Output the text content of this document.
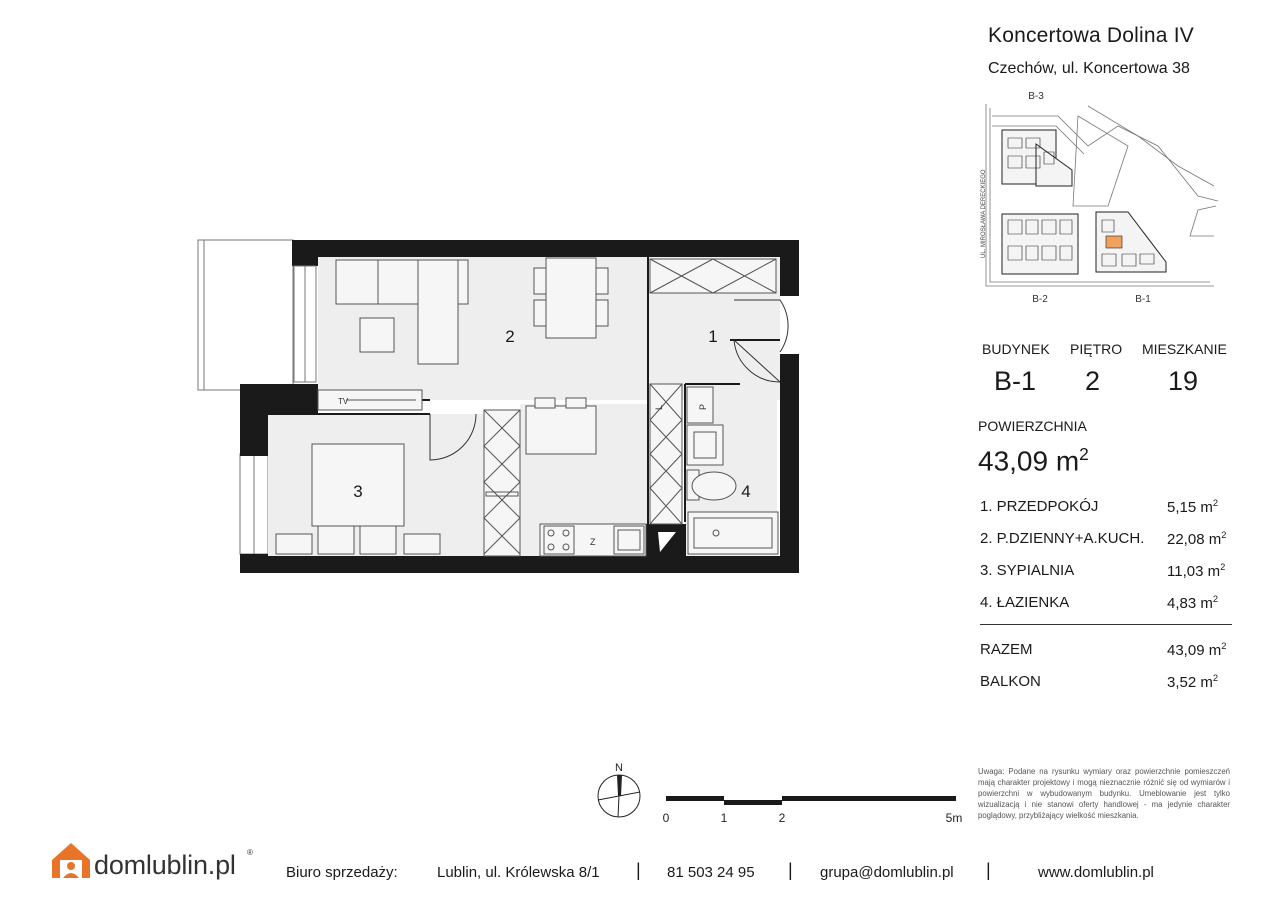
Koncertowa Dolina IV
Czechów, ul. Koncertowa 38
B-3
B-2	B-1
UL. MIROSŁAWA DERECKIEGO
BUDYNEK PIĘTRO MIESZKANIE
B-1 2	19
POWIERZCHNIA
43,09 $m^2$
1. PRZEDPOKÓJ	5,15 $m^2$
2. P.DZIENNY+A.KUCH. 22,08 $m^2$
3. SYPIALNIA	11,03 $m^2$
4. ŁAZIENKA	4,83 $m^2$
RAZEM	43,09 $m^2$
BALKON	3,52 $m^2$
Uwaga: Podane na rysunku wymiary oraz powierzchnie pomieszczeń mają charakter projektowy i mogą nieznacznie różnić się od wymiarów i powierzchni w wybudowanym budynku. Umeblowanie jest tylko wizualizacją i nie stanowi oferty handlowej - ma jedynie charakter poglądowy, przybliżający wielkość mieszkania.
TV
L	P
Z
1
2
3	4
N
0	1	2	5m
domlublin.pl ®
Biuro sprzedaży:	Lublin, ul. Królewska 8/1 | 81 503 24 95 | grupa@domlublin.pl |	www.domlublin.pl
